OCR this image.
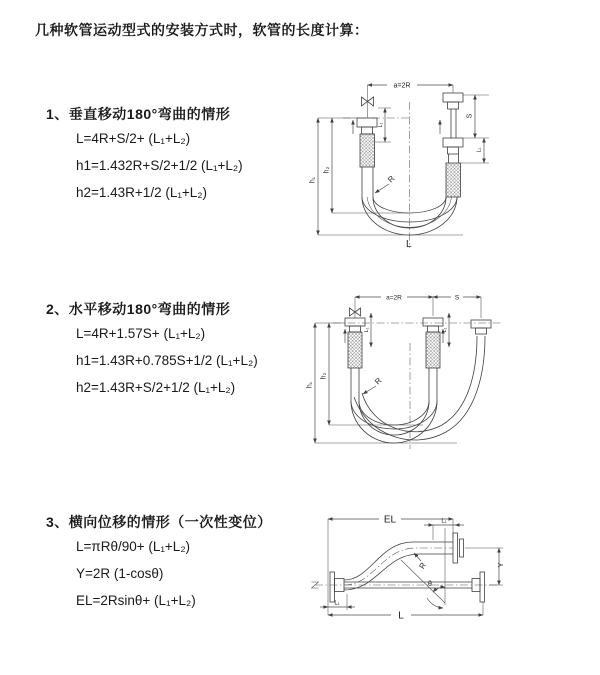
几种软管运动型式的安装方式时，软管的长度计算：
1、垂直移动180°弯曲的情形
L=4R+S/2+ (L₁+L₂)
h1=1.432R+S/2+1/2 (L₁+L₂)
h2=1.43R+1/2 (L₁+L₂)
2、水平移动180°弯曲的情形
L=4R+1.57S+ (L₁+L₂)
h1=1.43R+0.785S+1/2 (L₁+L₂)
h2=1.43R+S/2+1/2 (L₁+L₂)
3、横向位移的情形（一次性变位）
L=πRθ/90+ (L₁+L₂)
Y=2R (1-cosθ)
EL=2Rsinθ+ (L₁+L₂)
a=2R
h₁
h₂
S
L₁
L₁
R
L
a=2R	S
L₁	L₁
h₁
h₂
R
EL	L₁
Y
R
θ
L₁
L
